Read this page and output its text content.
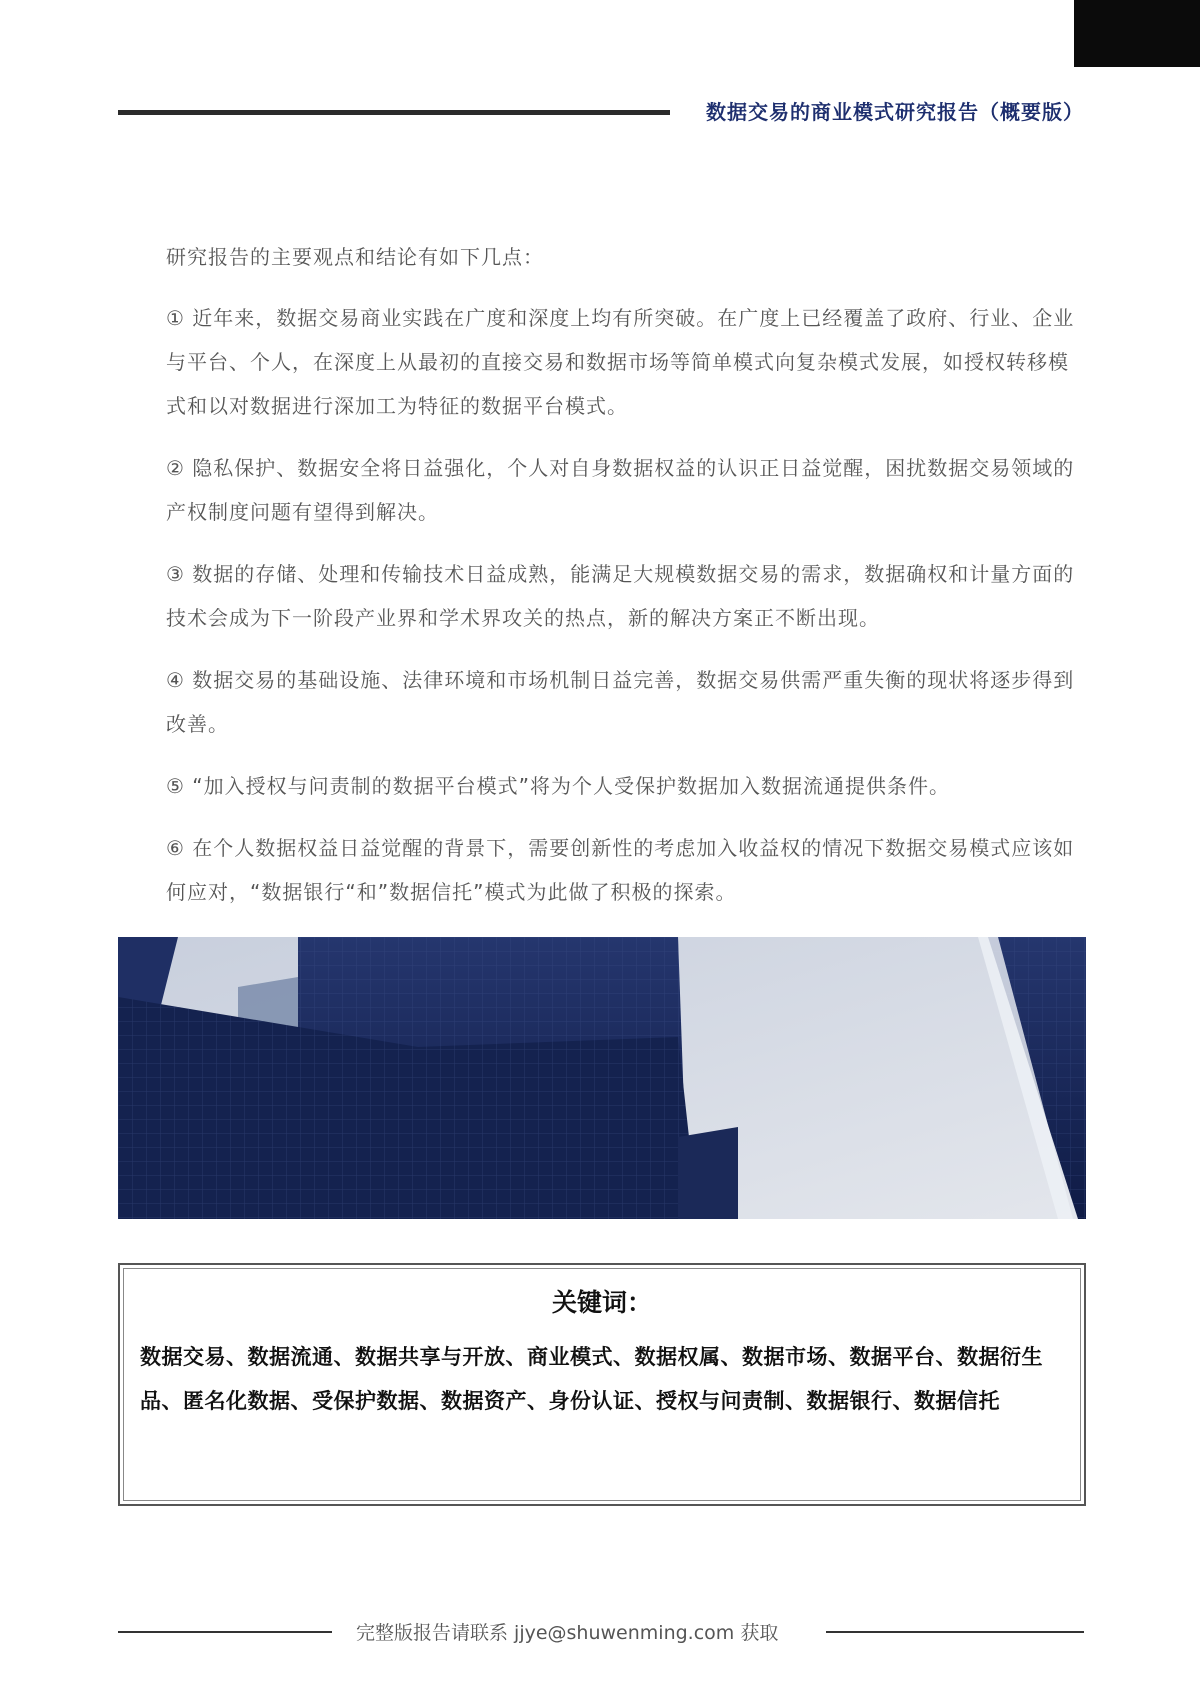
数据交易的商业模式研究报告（概要版）

研究报告的主要观点和结论有如下几点：

① 近年来，数据交易商业实践在广度和深度上均有所突破。在广度上已经覆盖了政府、行业、企业与平台、个人，在深度上从最初的直接交易和数据市场等简单模式向复杂模式发展，如授权转移模式和以对数据进行深加工为特征的数据平台模式。

② 隐私保护、数据安全将日益强化，个人对自身数据权益的认识正日益觉醒，困扰数据交易领域的产权制度问题有望得到解决。

③ 数据的存储、处理和传输技术日益成熟，能满足大规模数据交易的需求，数据确权和计量方面的技术会成为下一阶段产业界和学术界攻关的热点，新的解决方案正不断出现。

④ 数据交易的基础设施、法律环境和市场机制日益完善，数据交易供需严重失衡的现状将逐步得到改善。

⑤ “加入授权与问责制的数据平台模式”将为个人受保护数据加入数据流通提供条件。

⑥ 在个人数据权益日益觉醒的背景下，需要创新性的考虑加入收益权的情况下数据交易模式应该如何应对，“数据银行“和”数据信托”模式为此做了积极的探索。

关键词：
数据交易、数据流通、数据共享与开放、商业模式、数据权属、数据市场、数据平台、数据衍生品、匿名化数据、受保护数据、数据资产、身份认证、授权与问责制、数据银行、数据信托
完整版报告请联系 jjye@shuwenming.com 获取
